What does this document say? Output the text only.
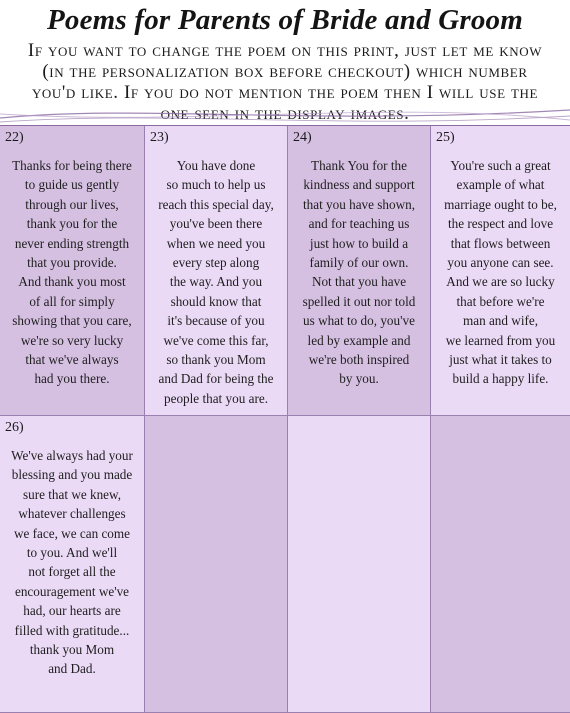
Poems for Parents of Bride and Groom
If you want to change the poem on this print, just let me know
(in the personalization box before checkout) which number
you'd like. If you do not mention the poem then I will use the
one seen in the display images.
22)
Thanks for being there
to guide us gently
through our lives,
thank you for the
never ending strength
that you provide.
And thank you most
of all for simply
showing that you care,
we're so very lucky
that we've always
had you there.
23)
You have done
so much to help us
reach this special day,
you've been there
when we need you
every step along
the way. And you
should know that
it's because of you
we've come this far,
so thank you Mom
and Dad for being the
people that you are.
24)
Thank You for the
kindness and support
that you have shown,
and for teaching us
just how to build a
family of our own.
Not that you have
spelled it out nor told
us what to do, you've
led by example and
we're both inspired
by you.
25)
You're such a great
example of what
marriage ought to be,
the respect and love
that flows between
you anyone can see.
And we are so lucky
that before we're
man and wife,
we learned from you
just what it takes to
build a happy life.
26)
We've always had your
blessing and you made
sure that we knew,
whatever challenges
we face, we can come
to you. And we'll
not forget all the
encouragement we've
had, our hearts are
filled with gratitude...
thank you Mom
and Dad.
